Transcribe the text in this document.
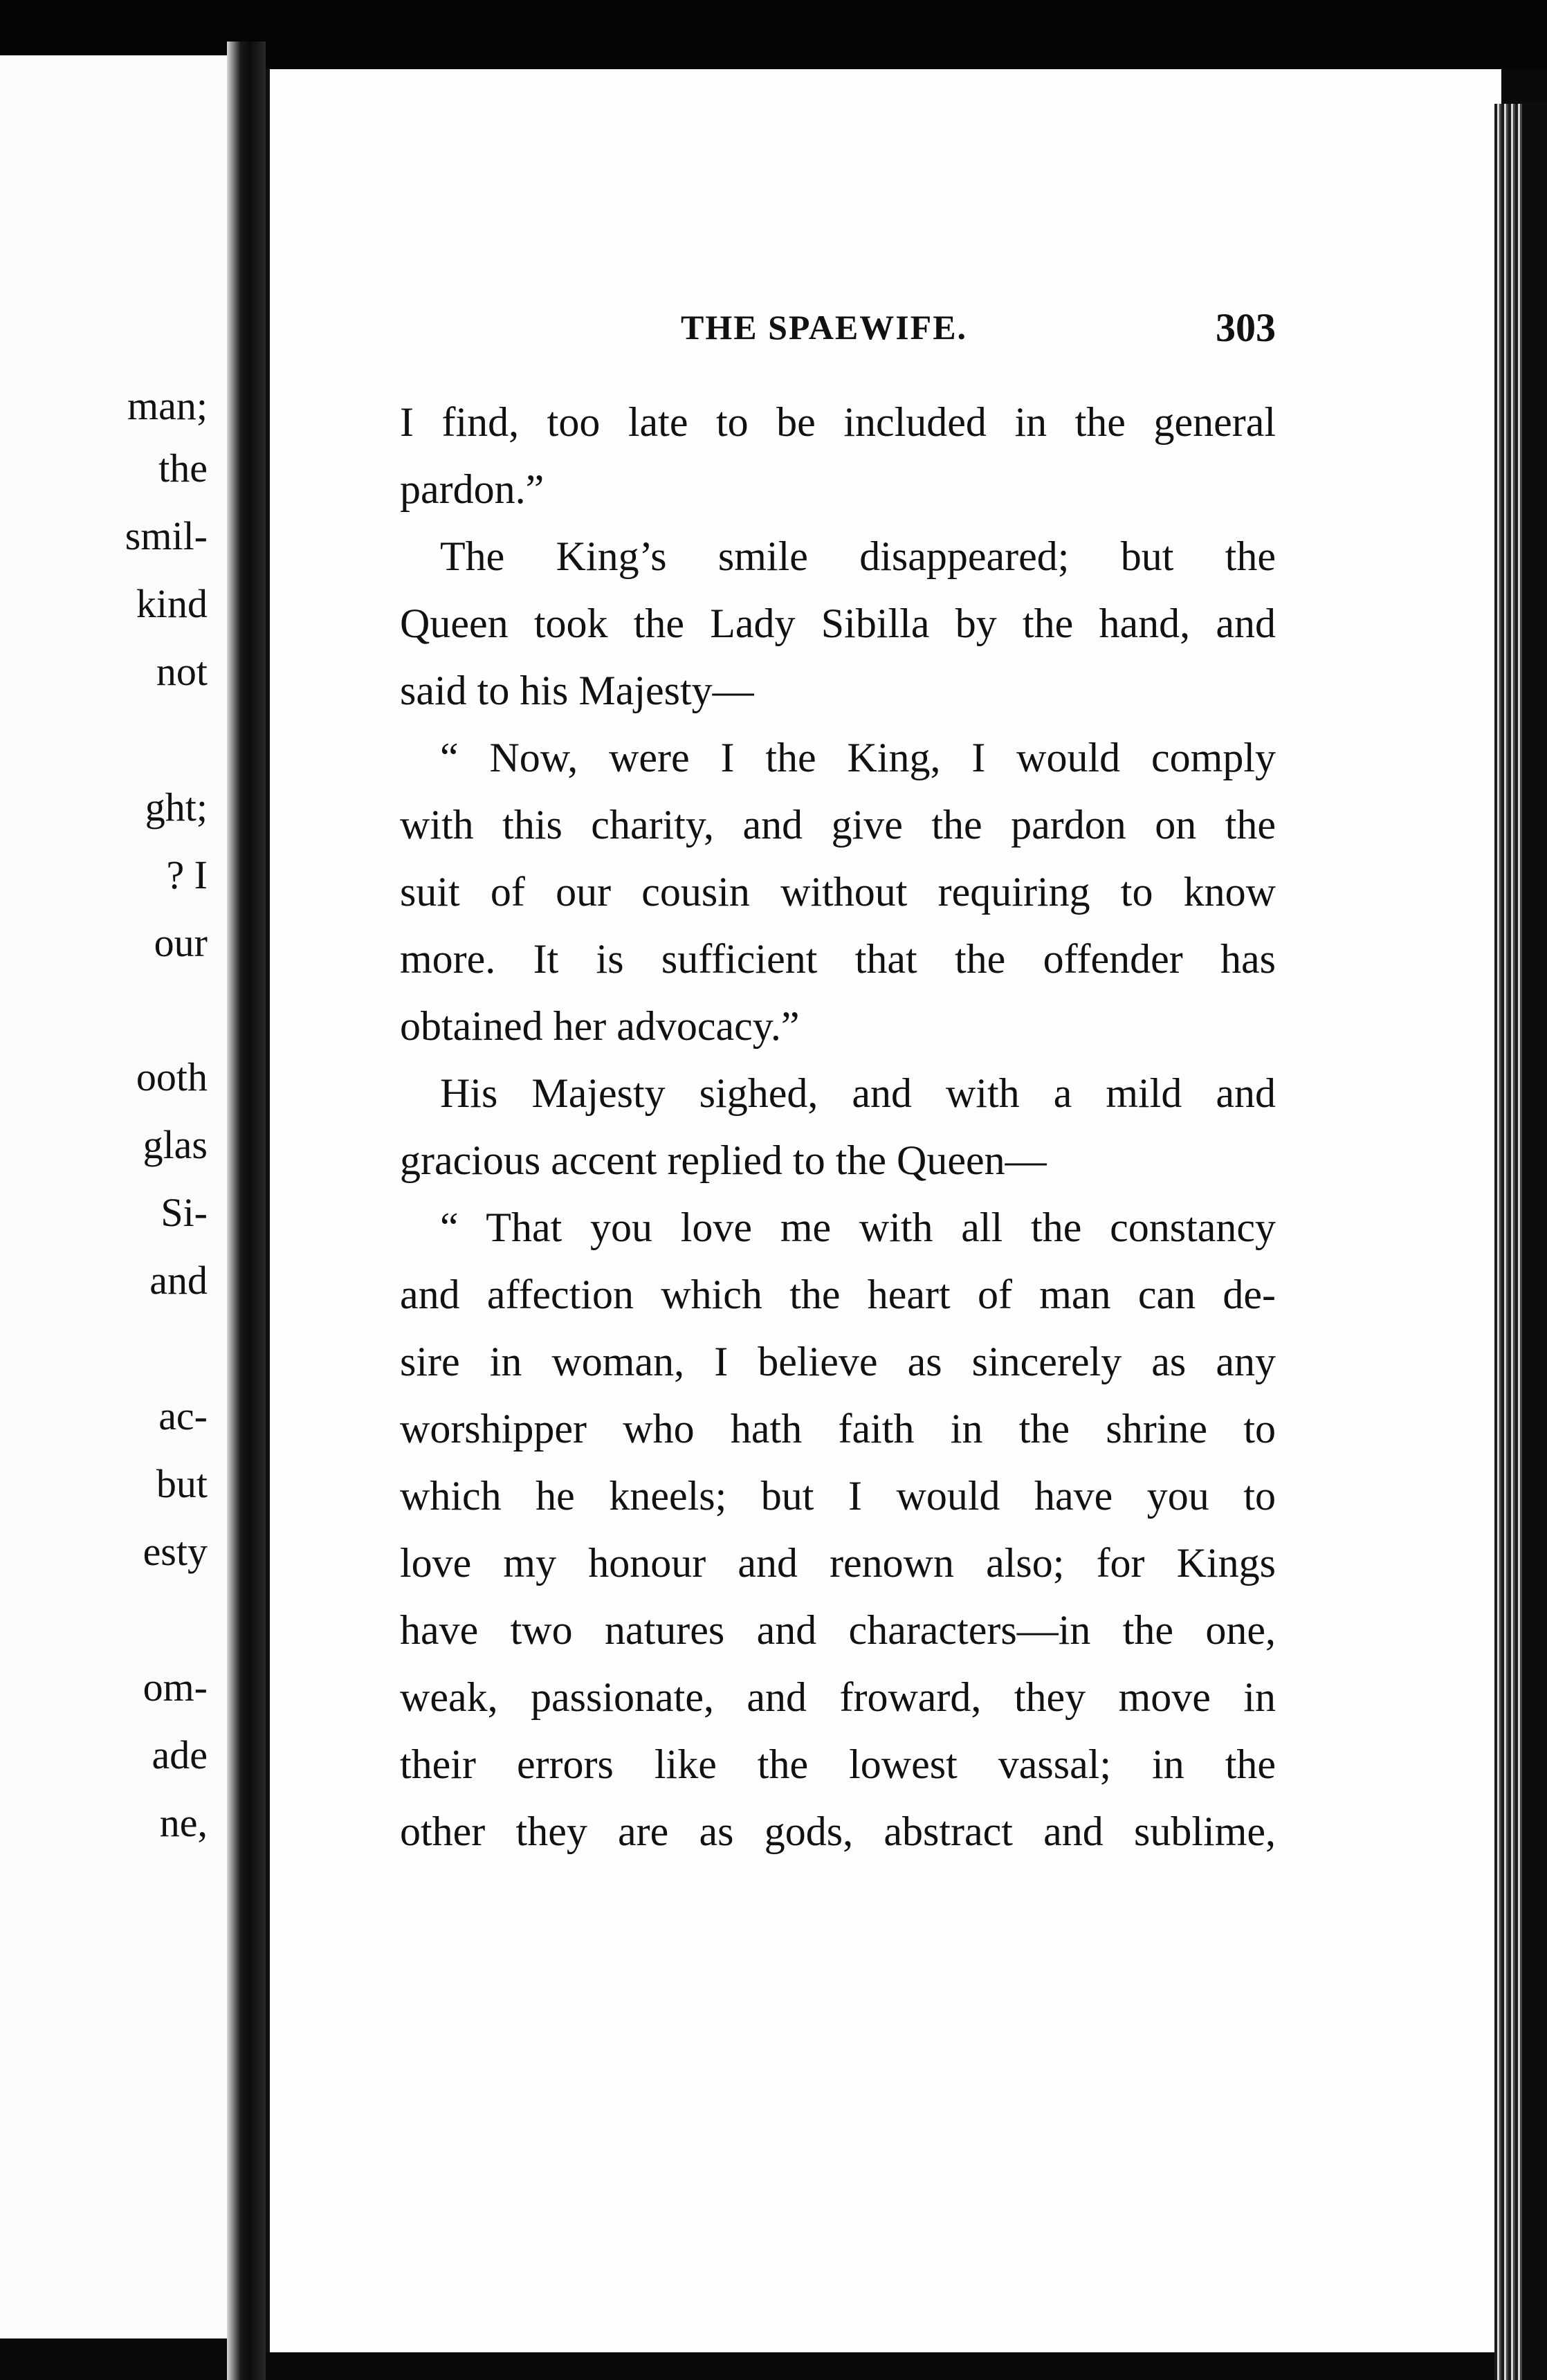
man;
the
smil-
kind
not
ght;
? I
our
ooth
glas
Si-
and
ac-
but
esty
om-
ade
ne,
THE SPAEWIFE.	303
I find, too late to be included in the general
pardon.”
The King’s smile disappeared; but the
Queen took the Lady Sibilla by the hand, and
said to his Majesty—
“ Now, were I the King, I would comply
with this charity, and give the pardon on the
suit of our cousin without requiring to know
more. It is sufficient that the offender has
obtained her advocacy.”
His Majesty sighed, and with a mild and
gracious accent replied to the Queen—
“ That you love me with all the constancy
and affection which the heart of man can de-
sire in woman, I believe as sincerely as any
worshipper who hath faith in the shrine to
which he kneels; but I would have you to
love my honour and renown also; for Kings
have two natures and characters—in the one,
weak, passionate, and froward, they move in
their errors like the lowest vassal; in the
other they are as gods, abstract and sublime,
